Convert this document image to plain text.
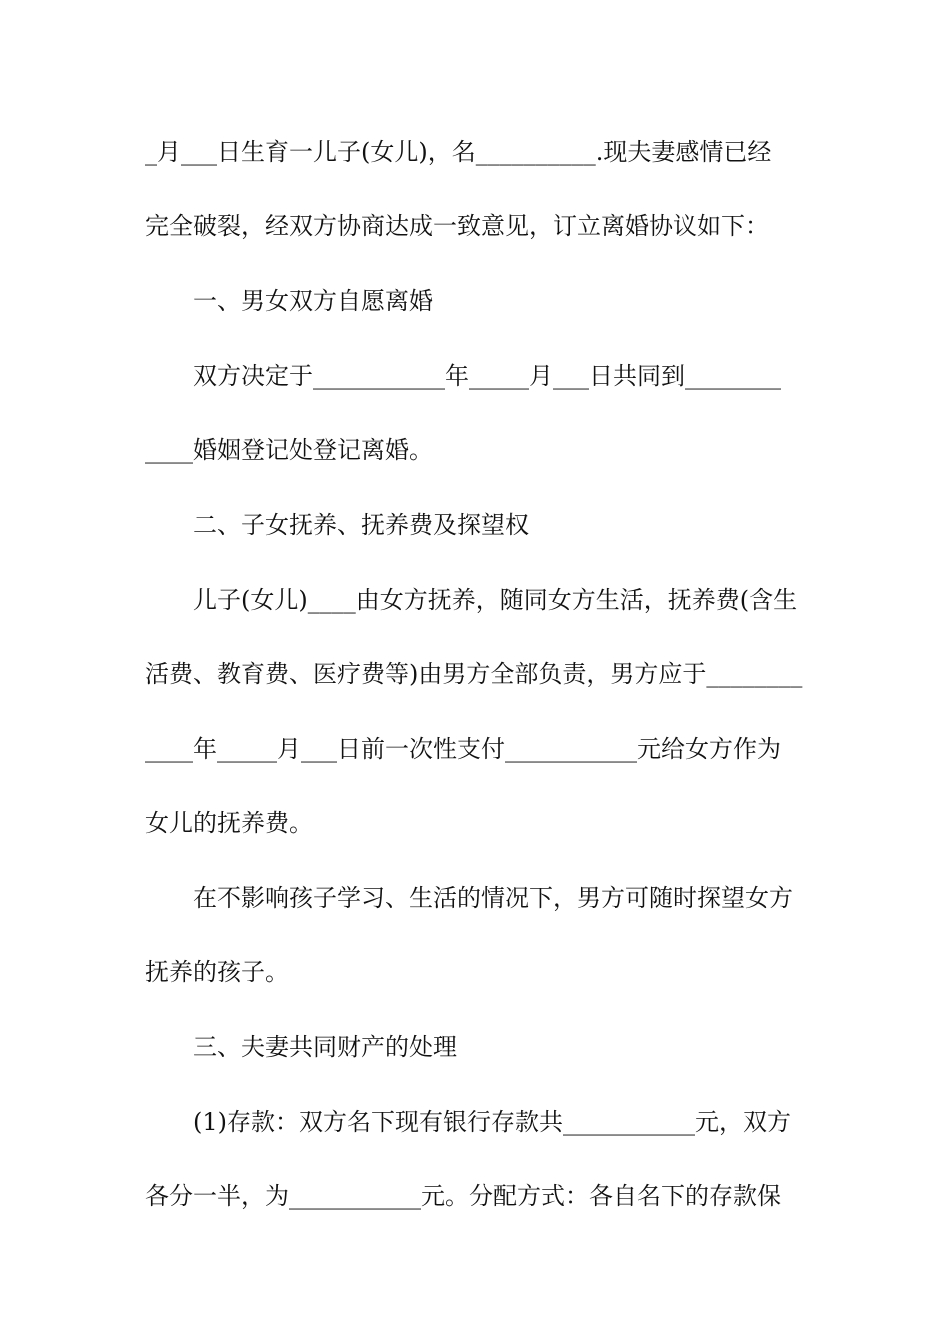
_月___日生育一儿子(女儿)，名__________.现夫妻感情已经
完全破裂，经双方协商达成一致意见，订立离婚协议如下：
一、男女双方自愿离婚
双方决定于___________年_____月___日共同到________
____婚姻登记处登记离婚。
二、子女抚养、抚养费及探望权
儿子(女儿)____由女方抚养，随同女方生活，抚养费(含生
活费、教育费、医疗费等)由男方全部负责，男方应于________
____年_____月___日前一次性支付___________元给女方作为
女儿的抚养费。
在不影响孩子学习、生活的情况下，男方可随时探望女方
抚养的孩子。
三、夫妻共同财产的处理
(1)存款：双方名下现有银行存款共___________元，双方
各分一半，为___________元。分配方式：各自名下的存款保
